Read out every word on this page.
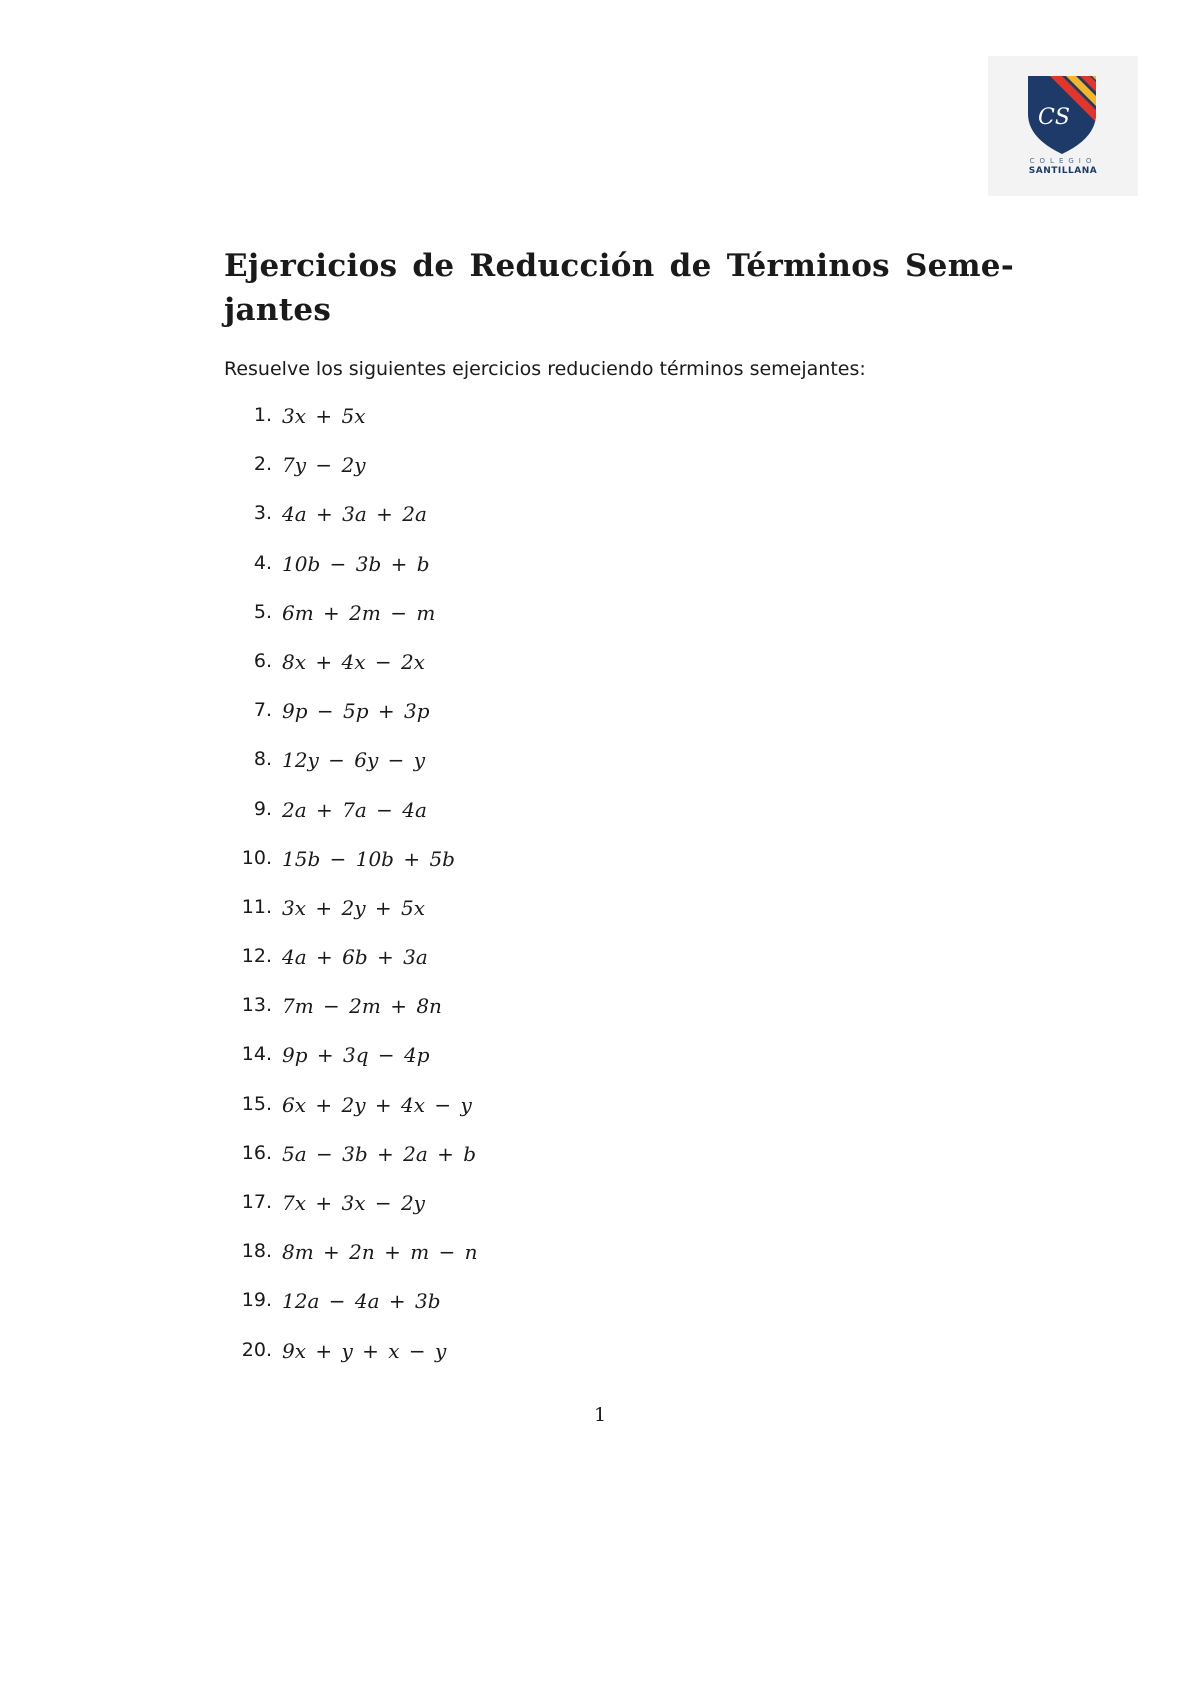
CS
COLEGIO
SANTILLANA
Ejercicios de Reducción de Términos Seme-
jantes

Resuelve los siguientes ejercicios reduciendo términos semejantes:

1. 3x + 5x
2. 7y − 2y
3. 4a + 3a + 2a
4. 10b − 3b + b
5. 6m + 2m − m
6. 8x + 4x − 2x
7. 9p − 5p + 3p
8. 12y − 6y − y
9. 2a + 7a − 4a
10. 15b − 10b + 5b
11. 3x + 2y + 5x
12. 4a + 6b + 3a
13. 7m − 2m + 8n
14. 9p + 3q − 4p
15. 6x + 2y + 4x − y
16. 5a − 3b + 2a + b
17. 7x + 3x − 2y
18. 8m + 2n + m − n
19. 12a − 4a + 3b
20. 9x + y + x − y
1
